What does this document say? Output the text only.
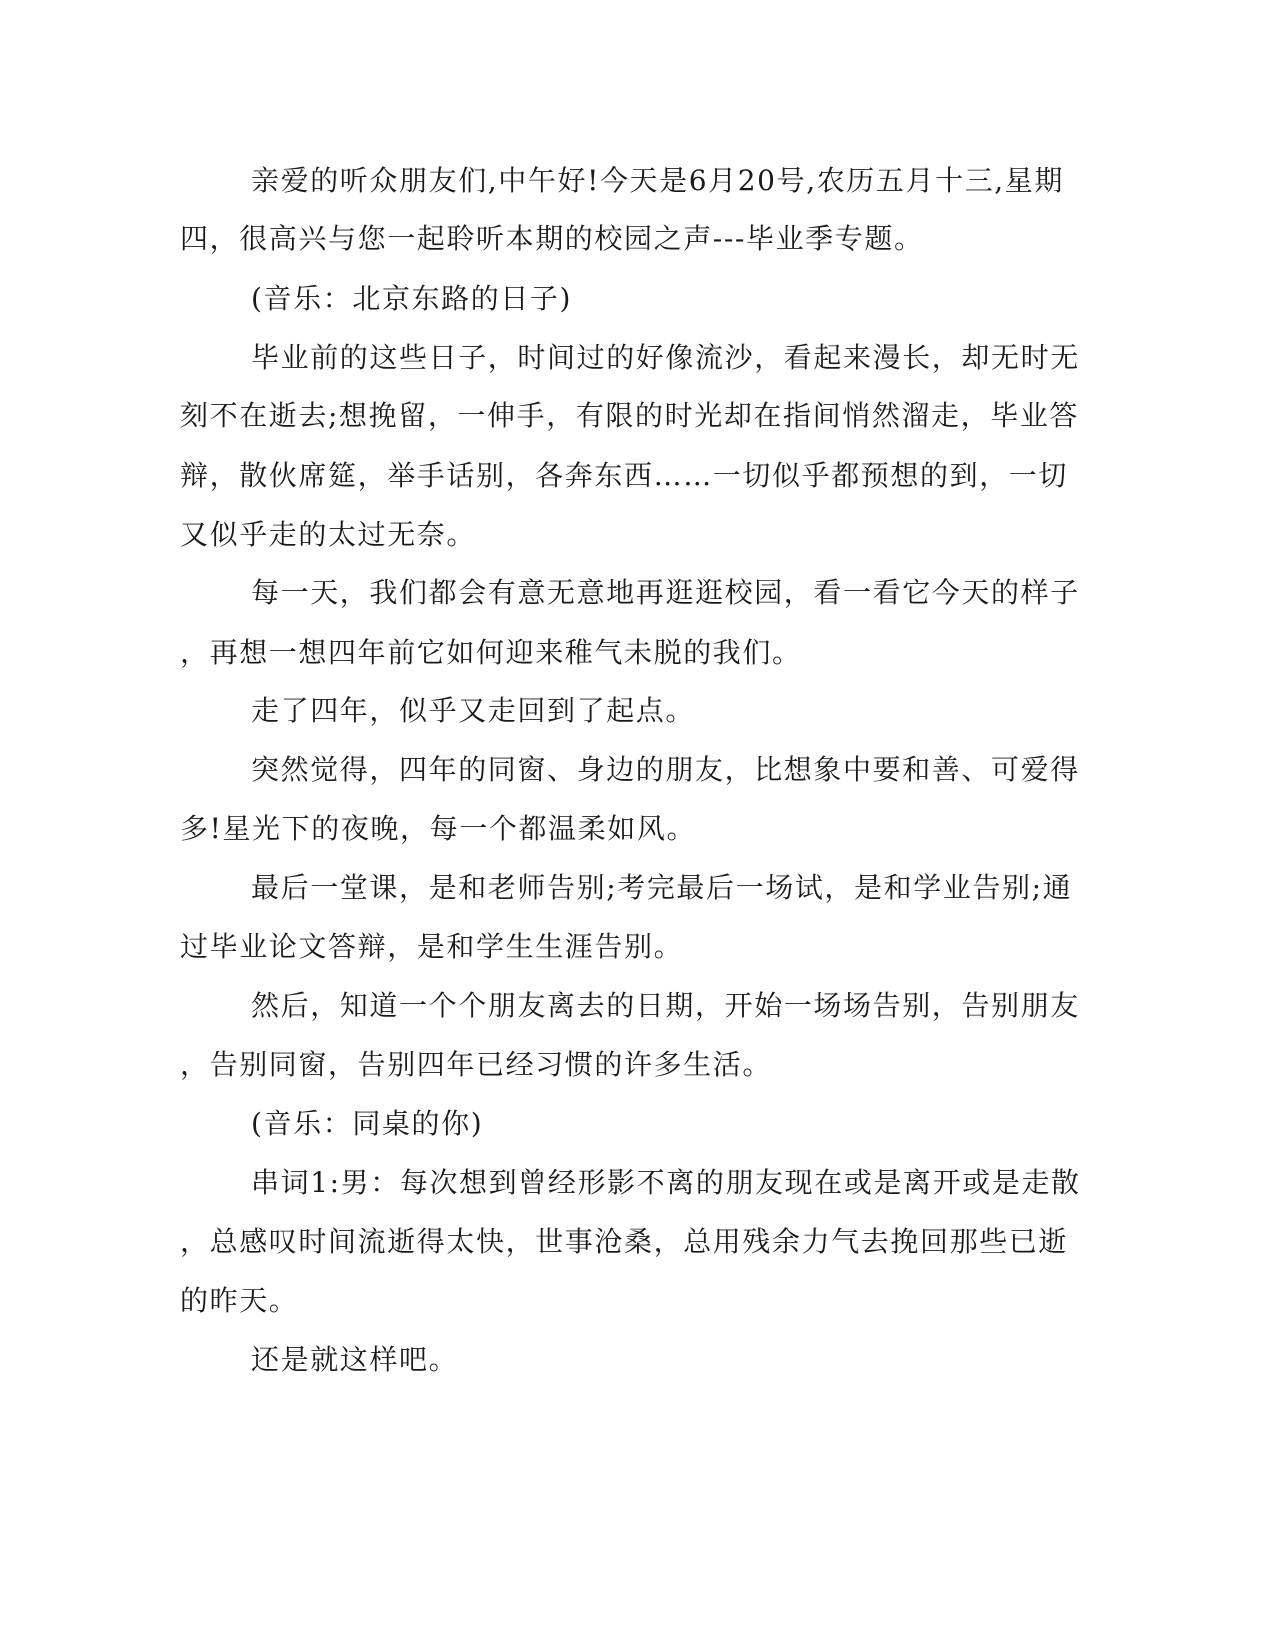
亲爱的听众朋友们,中午好!今天是6月20号,农历五月十三,星期
四，很高兴与您一起聆听本期的校园之声---毕业季专题。
(音乐：北京东路的日子)
毕业前的这些日子，时间过的好像流沙，看起来漫长，却无时无
刻不在逝去;想挽留，一伸手，有限的时光却在指间悄然溜走，毕业答
辩，散伙席筵，举手话别，各奔东西……一切似乎都预想的到，一切
又似乎走的太过无奈。
每一天，我们都会有意无意地再逛逛校园，看一看它今天的样子
，再想一想四年前它如何迎来稚气未脱的我们。
走了四年，似乎又走回到了起点。
突然觉得，四年的同窗、身边的朋友，比想象中要和善、可爱得
多!星光下的夜晚，每一个都温柔如风。
最后一堂课，是和老师告别;考完最后一场试，是和学业告别;通
过毕业论文答辩，是和学生生涯告别。
然后，知道一个个朋友离去的日期，开始一场场告别，告别朋友
，告别同窗，告别四年已经习惯的许多生活。
(音乐：同桌的你)
串词1:男：每次想到曾经形影不离的朋友现在或是离开或是走散
，总感叹时间流逝得太快，世事沧桑，总用残余力气去挽回那些已逝
的昨天。
还是就这样吧。
